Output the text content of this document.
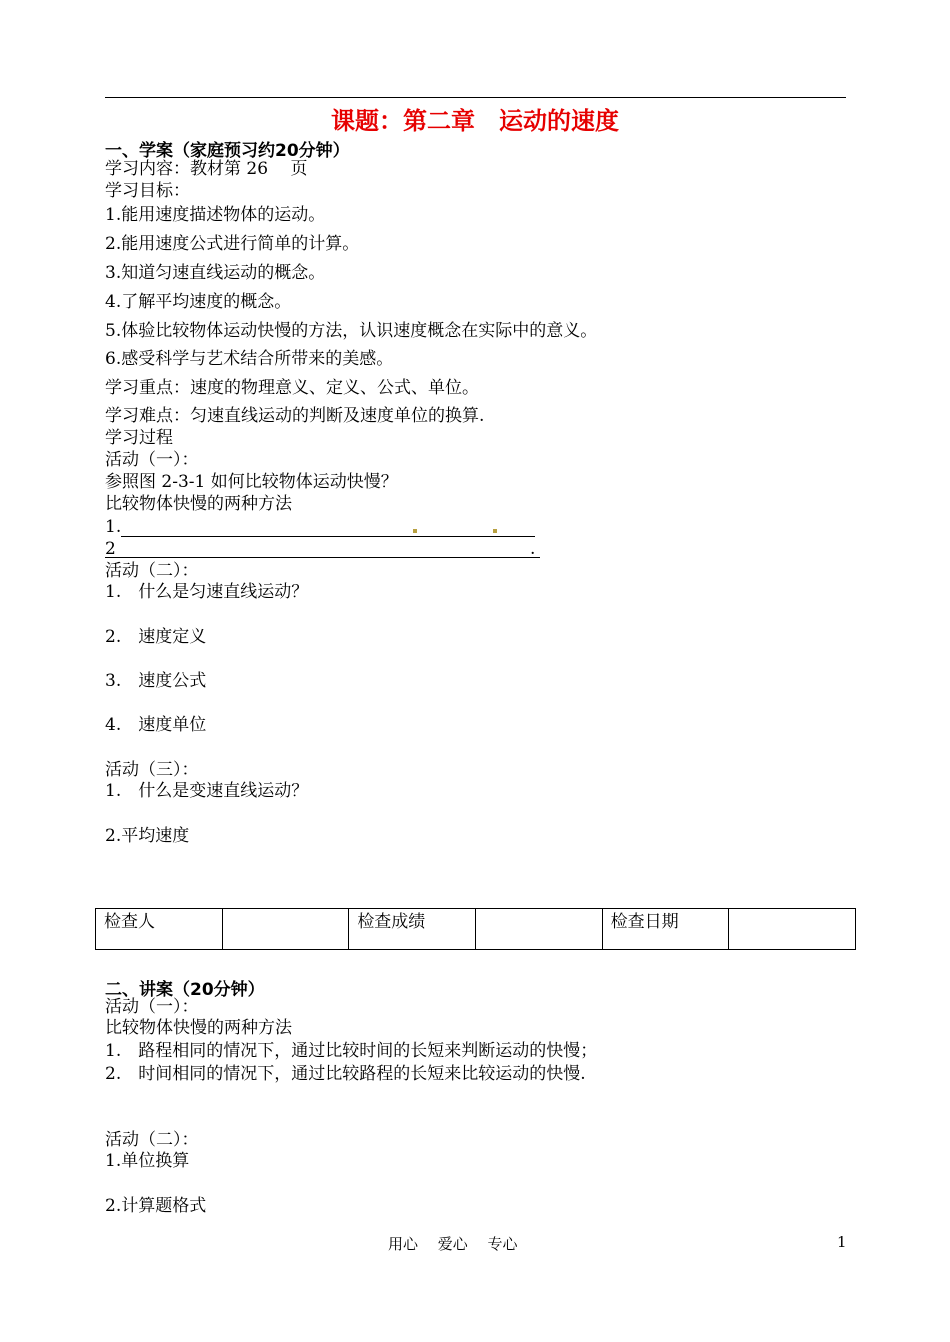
课题：第二章　运动的速度
一、学案（家庭预习约20分钟）
学习内容：教材第 26　 页
学习目标：
1.能用速度描述物体的运动。
2.能用速度公式进行简单的计算。
3.知道匀速直线运动的概念。
4.了解平均速度的概念。
5.体验比较物体运动快慢的方法，认识速度概念在实际中的意义。
6.感受科学与艺术结合所带来的美感。
学习重点：速度的物理意义、定义、公式、单位。
学习难点：匀速直线运动的判断及速度单位的换算.
学习过程
活动（一）：
参照图 2-3-1 如何比较物体运动快慢？
比较物体快慢的两种方法
1.
2	.
活动（二）：
1.　什么是匀速直线运动？
2.　速度定义
3.　速度公式
4.　速度单位
活动（三）：
1.　什么是变速直线运动？
2.平均速度
检查人		检查成绩		检查日期	
二、讲案（20分钟）
活动（一）：
比较物体快慢的两种方法
1.　路程相同的情况下，通过比较时间的长短来判断运动的快慢；
2.　时间相同的情况下，通过比较路程的长短来比较运动的快慢.
活动（二）：
1.单位换算
2.计算题格式
用心　 爱心　 专心	1
